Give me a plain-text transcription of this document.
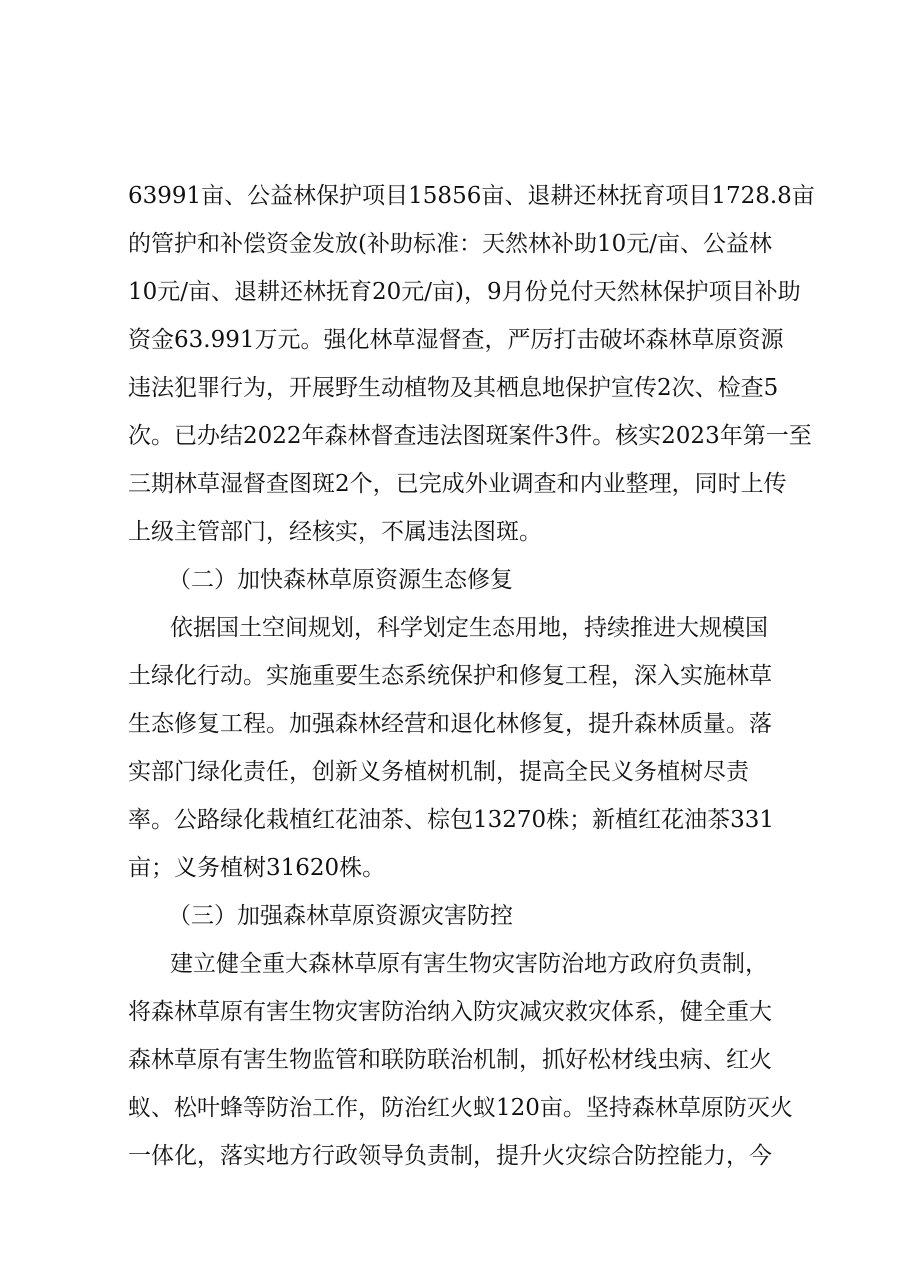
63991亩、公益林保护项目15856亩、退耕还林抚育项目1728.8亩
的管护和补偿资金发放(补助标准：天然林补助10元/亩、公益林
10元/亩、退耕还林抚育20元/亩)，9月份兑付天然林保护项目补助
资金63.991万元。强化林草湿督查，严厉打击破坏森林草原资源
违法犯罪行为，开展野生动植物及其栖息地保护宣传2次、检查5
次。已办结2022年森林督查违法图斑案件3件。核实2023年第一至
三期林草湿督查图斑2个，已完成外业调查和内业整理，同时上传
上级主管部门，经核实，不属违法图斑。
（二）加快森林草原资源生态修复
依据国土空间规划，科学划定生态用地，持续推进大规模国
土绿化行动。实施重要生态系统保护和修复工程，深入实施林草
生态修复工程。加强森林经营和退化林修复，提升森林质量。落
实部门绿化责任，创新义务植树机制，提高全民义务植树尽责
率。公路绿化栽植红花油茶、棕包13270株；新植红花油茶331
亩；义务植树31620株。
（三）加强森林草原资源灾害防控
建立健全重大森林草原有害生物灾害防治地方政府负责制，
将森林草原有害生物灾害防治纳入防灾减灾救灾体系，健全重大
森林草原有害生物监管和联防联治机制，抓好松材线虫病、红火
蚁、松叶蜂等防治工作，防治红火蚁120亩。坚持森林草原防灭火
一体化，落实地方行政领导负责制，提升火灾综合防控能力，今
